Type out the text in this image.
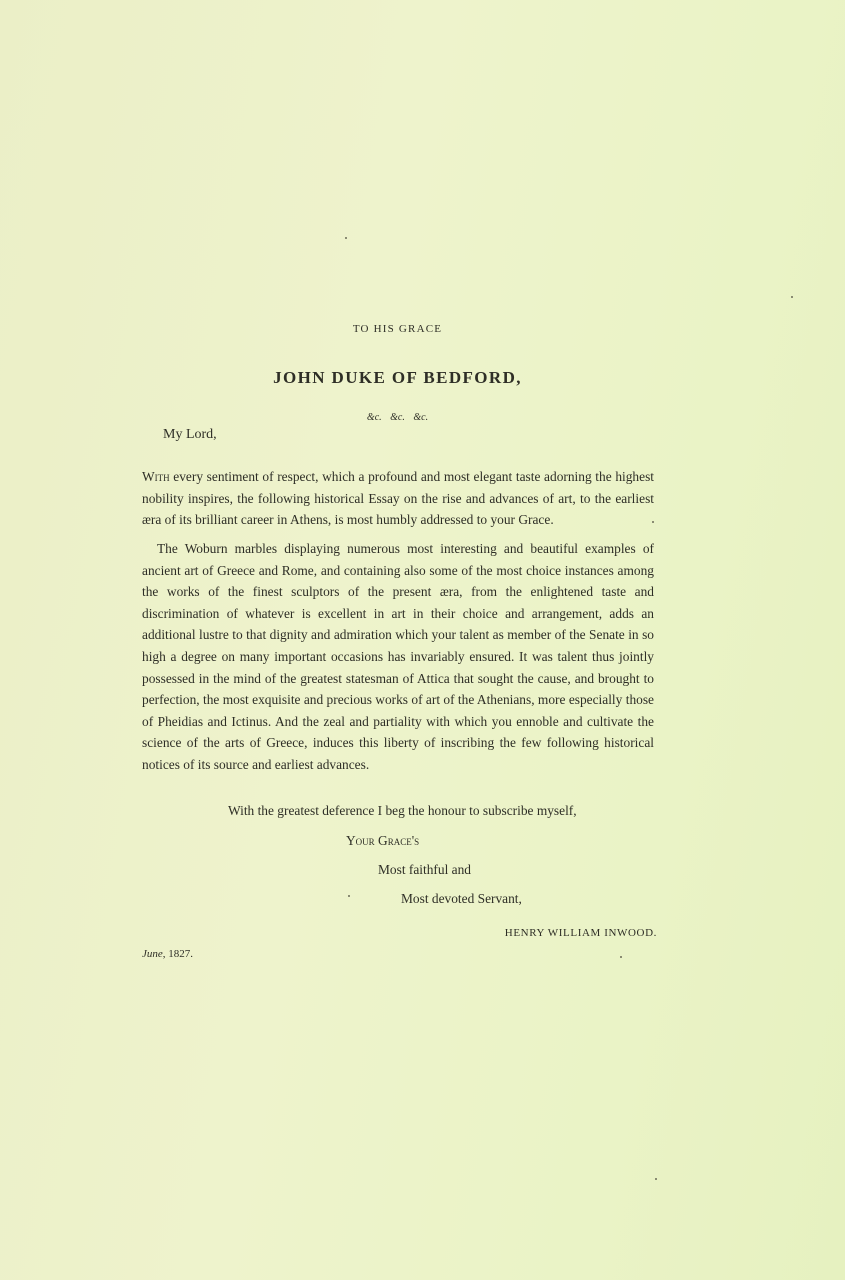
TO HIS GRACE
JOHN DUKE OF BEDFORD,
&c. &c. &c.
My Lord,
With every sentiment of respect, which a profound and most elegant taste adorning the highest nobility inspires, the following historical Essay on the rise and advances of art, to the earliest æra of its brilliant career in Athens, is most humbly addressed to your Grace.
The Woburn marbles displaying numerous most interesting and beautiful examples of ancient art of Greece and Rome, and containing also some of the most choice instances among the works of the finest sculptors of the present æra, from the enlightened taste and discrimination of whatever is excellent in art in their choice and arrangement, adds an additional lustre to that dignity and admiration which your talent as member of the Senate in so high a degree on many important occasions has invariably ensured. It was talent thus jointly possessed in the mind of the greatest statesman of Attica that sought the cause, and brought to perfection, the most exquisite and precious works of art of the Athenians, more especially those of Pheidias and Ictinus. And the zeal and partiality with which you ennoble and cultivate the science of the arts of Greece, induces this liberty of inscribing the few following historical notices of its source and earliest advances.
With the greatest deference I beg the honour to subscribe myself,
Your Grace's
Most faithful and
Most devoted Servant,
HENRY WILLIAM INWOOD.
June, 1827.
